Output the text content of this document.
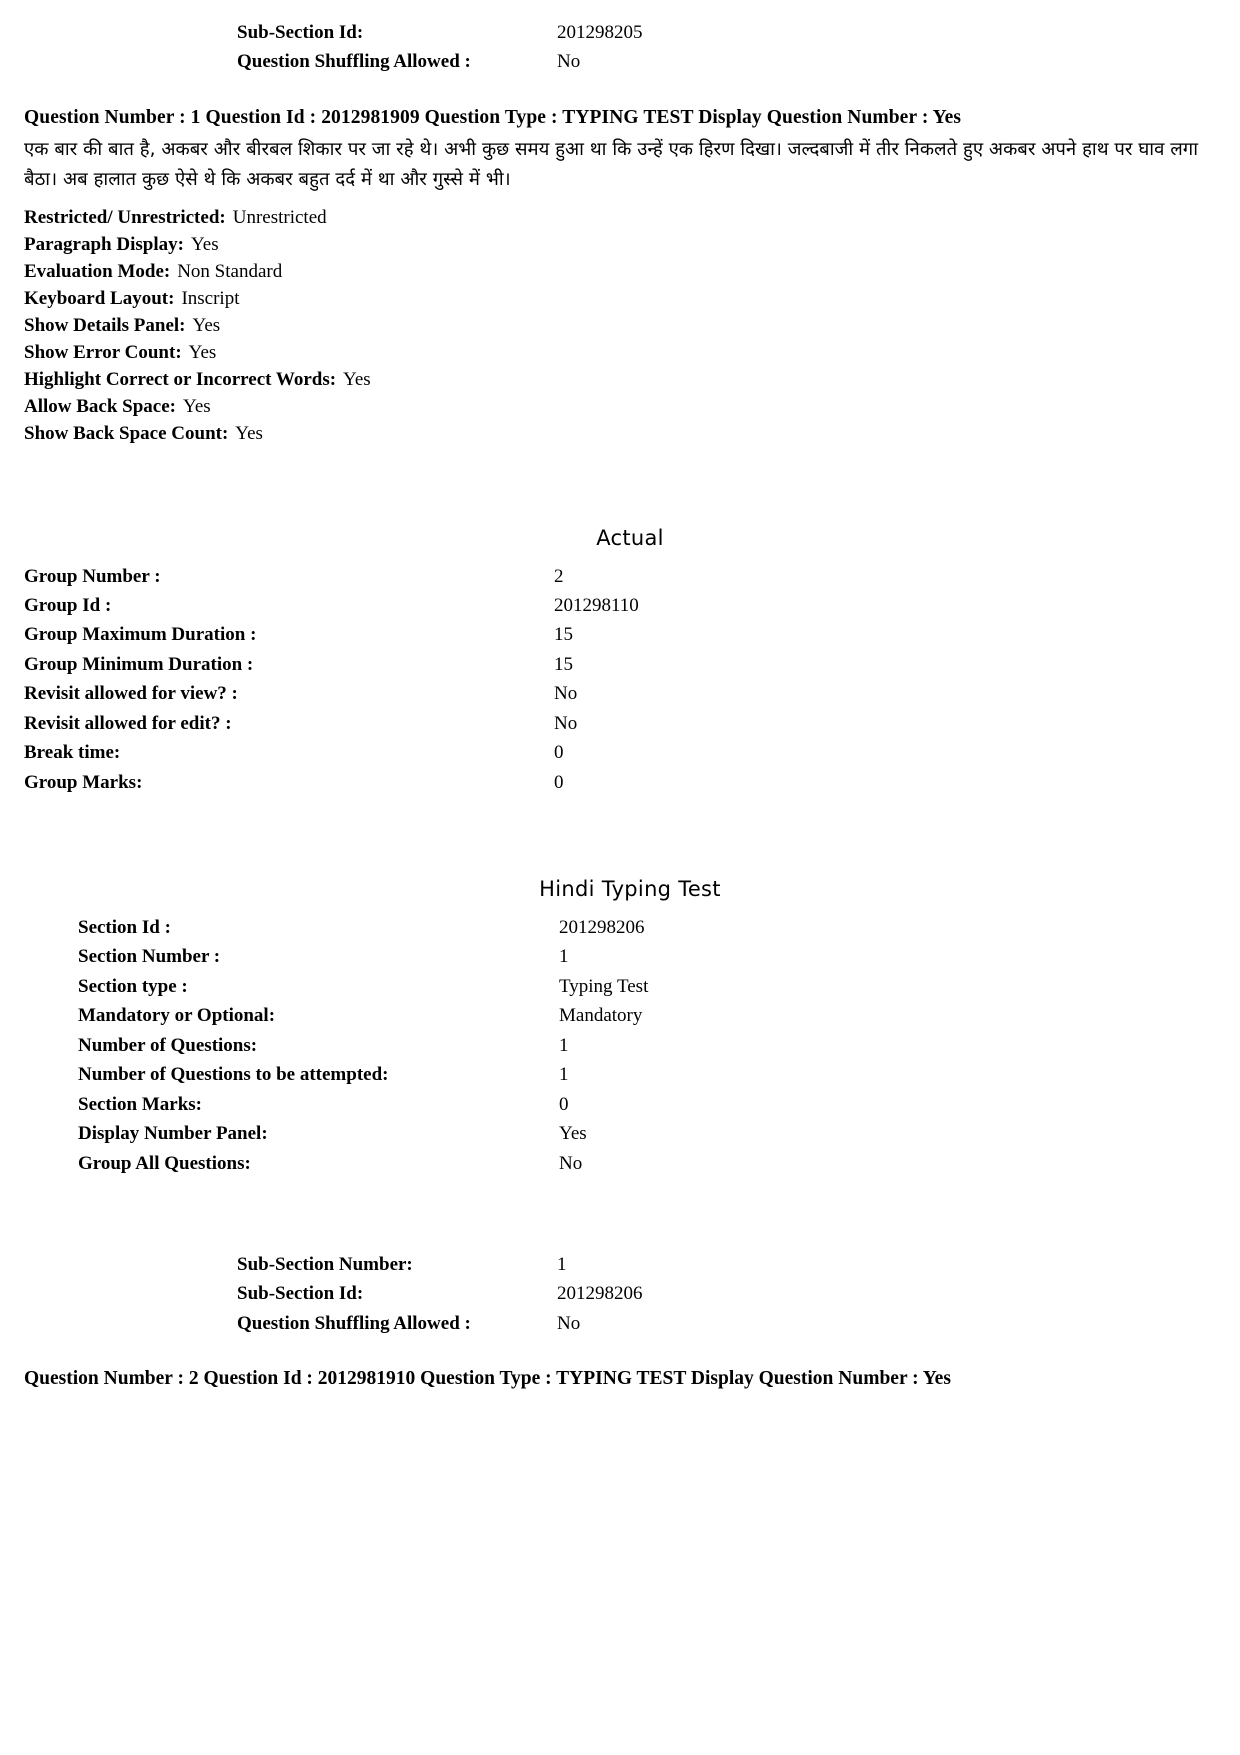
Sub-Section Id:	201298205
Question Shuffling Allowed :	No
Question Number : 1 Question Id : 2012981909 Question Type : TYPING TEST Display Question Number : Yes
एक बार की बात है, अकबर और बीरबल शिकार पर जा रहे थे। अभी कुछ समय हुआ था कि उन्हें एक हिरण दिखा। जल्दबाजी में तीर निकलते हुए अकबर अपने हाथ पर घाव लगा बैठा। अब हालात कुछ ऐसे थे कि अकबर बहुत दर्द में था और गुस्से में भी।
Restricted/ Unrestricted: Unrestricted
Paragraph Display: Yes
Evaluation Mode: Non Standard
Keyboard Layout: Inscript
Show Details Panel: Yes
Show Error Count: Yes
Highlight Correct or Incorrect Words: Yes
Allow Back Space: Yes
Show Back Space Count: Yes
Actual
Group Number :	2
Group Id :	201298110
Group Maximum Duration :	15
Group Minimum Duration :	15
Revisit allowed for view? :	No
Revisit allowed for edit? :	No
Break time:	0
Group Marks:	0
Hindi Typing Test
Section Id :	201298206
Section Number :	1
Section type :	Typing Test
Mandatory or Optional:	Mandatory
Number of Questions:	1
Number of Questions to be attempted:	1
Section Marks:	0
Display Number Panel:	Yes
Group All Questions:	No
Sub-Section Number:	1
Sub-Section Id:	201298206
Question Shuffling Allowed :	No
Question Number : 2 Question Id : 2012981910 Question Type : TYPING TEST Display Question Number : Yes
